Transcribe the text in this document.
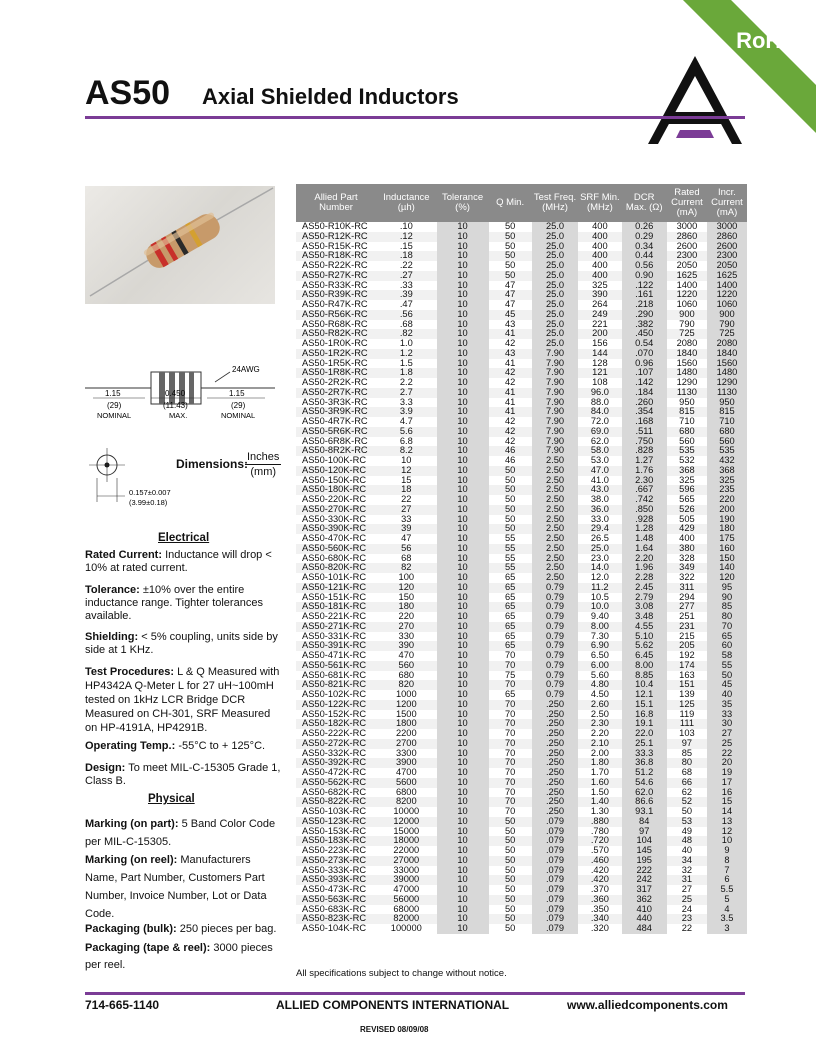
RoHS
AS50 Axial Shielded Inductors
24AWG
1.15
(29)
NOMINAL
0.450
(11.43)
MAX.
1.15
(29)
NOMINAL
0.157±0.007
(3.99±0.18)
Dimensions:
Inches
(mm)
Electrical
Rated Current: Inductance will drop < 10% at rated current.
Tolerance: ±10% over the entire inductance range. Tighter tolerances available.
Shielding: < 5% coupling, units side by side at 1 KHz.
Test Procedures: L & Q Measured with HP4342A Q-Meter L for 27 uH~100mH tested on 1kHz LCR Bridge DCR Measured on CH-301, SRF Measured on HP-4191A, HP4291B.
Operating Temp.: -55°C to + 125°C.
Design: To meet MIL-C-15305 Grade 1, Class B.
Physical
Marking (on part): 5 Band Color Code per MIL-C-15305.
Marking (on reel): Manufacturers Name, Part Number, Customers Part Number, Invoice Number, Lot or Data Code.
Packaging (bulk): 250 pieces per bag.
Packaging (tape & reel): 3000 pieces per reel.
Allied Part Number	Inductance (µh)	Tolerance (%)	Q Min.	Test Freq. (MHz)	SRF Min. (MHz)	DCR Max. (Ω)	Rated Current (mA)	Incr. Current (mA)
AS50-R10K-RC	.10	10	50	25.0	400	0.26	3000	3000
AS50-R12K-RC	.12	10	50	25.0	400	0.29	2860	2860
AS50-R15K-RC	.15	10	50	25.0	400	0.34	2600	2600
AS50-R18K-RC	.18	10	50	25.0	400	0.44	2300	2300
AS50-R22K-RC	.22	10	50	25.0	400	0.56	2050	2050
AS50-R27K-RC	.27	10	50	25.0	400	0.90	1625	1625
AS50-R33K-RC	.33	10	47	25.0	325	.122	1400	1400
AS50-R39K-RC	.39	10	47	25.0	390	.161	1220	1220
AS50-R47K-RC	.47	10	47	25.0	264	.218	1060	1060
AS50-R56K-RC	.56	10	45	25.0	249	.290	900	900
AS50-R68K-RC	.68	10	43	25.0	221	.382	790	790
AS50-R82K-RC	.82	10	41	25.0	200	.450	725	725
AS50-1R0K-RC	1.0	10	42	25.0	156	0.54	2080	2080
AS50-1R2K-RC	1.2	10	43	7.90	144	.070	1840	1840
AS50-1R5K-RC	1.5	10	41	7.90	128	0.96	1560	1560
AS50-1R8K-RC	1.8	10	42	7.90	121	.107	1480	1480
AS50-2R2K-RC	2.2	10	42	7.90	108	.142	1290	1290
AS50-2R7K-RC	2.7	10	41	7.90	96.0	.184	1130	1130
AS50-3R3K-RC	3.3	10	41	7.90	88.0	.260	950	950
AS50-3R9K-RC	3.9	10	41	7.90	84.0	.354	815	815
AS50-4R7K-RC	4.7	10	42	7.90	72.0	.168	710	710
AS50-5R6K-RC	5.6	10	42	7.90	69.0	.511	680	680
AS50-6R8K-RC	6.8	10	42	7.90	62.0	.750	560	560
AS50-8R2K-RC	8.2	10	46	7.90	58.0	.828	535	535
AS50-100K-RC	10	10	46	2.50	53.0	1.27	532	432
AS50-120K-RC	12	10	50	2.50	47.0	1.76	368	368
AS50-150K-RC	15	10	50	2.50	41.0	2.30	325	325
AS50-180K-RC	18	10	50	2.50	43.0	.667	596	235
AS50-220K-RC	22	10	50	2.50	38.0	.742	565	220
AS50-270K-RC	27	10	50	2.50	36.0	.850	526	200
AS50-330K-RC	33	10	50	2.50	33.0	.928	505	190
AS50-390K-RC	39	10	50	2.50	29.4	1.28	429	180
AS50-470K-RC	47	10	55	2.50	26.5	1.48	400	175
AS50-560K-RC	56	10	55	2.50	25.0	1.64	380	160
AS50-680K-RC	68	10	55	2.50	23.0	2.20	328	150
AS50-820K-RC	82	10	55	2.50	14.0	1.96	349	140
AS50-101K-RC	100	10	65	2.50	12.0	2.28	322	120
AS50-121K-RC	120	10	65	0.79	11.2	2.45	311	95
AS50-151K-RC	150	10	65	0.79	10.5	2.79	294	90
AS50-181K-RC	180	10	65	0.79	10.0	3.08	277	85
AS50-221K-RC	220	10	65	0.79	9.40	3.48	251	80
AS50-271K-RC	270	10	65	0.79	8.00	4.55	231	70
AS50-331K-RC	330	10	65	0.79	7.30	5.10	215	65
AS50-391K-RC	390	10	65	0.79	6.90	5.62	205	60
AS50-471K-RC	470	10	70	0.79	6.50	6.45	192	58
AS50-561K-RC	560	10	70	0.79	6.00	8.00	174	55
AS50-681K-RC	680	10	75	0.79	5.60	8.85	163	50
AS50-821K-RC	820	10	70	0.79	4.80	10.4	151	45
AS50-102K-RC	1000	10	65	0.79	4.50	12.1	139	40
AS50-122K-RC	1200	10	70	.250	2.60	15.1	125	35
AS50-152K-RC	1500	10	70	.250	2.50	16.8	119	33
AS50-182K-RC	1800	10	70	.250	2.30	19.1	111	30
AS50-222K-RC	2200	10	70	.250	2.20	22.0	103	27
AS50-272K-RC	2700	10	70	.250	2.10	25.1	97	25
AS50-332K-RC	3300	10	70	.250	2.00	33.3	85	22
AS50-392K-RC	3900	10	70	.250	1.80	36.8	80	20
AS50-472K-RC	4700	10	70	.250	1.70	51.2	68	19
AS50-562K-RC	5600	10	70	.250	1.60	54.6	66	17
AS50-682K-RC	6800	10	70	.250	1.50	62.0	62	16
AS50-822K-RC	8200	10	70	.250	1.40	86.6	52	15
AS50-103K-RC	10000	10	70	.250	1.30	93.1	50	14
AS50-123K-RC	12000	10	50	.079	.880	84	53	13
AS50-153K-RC	15000	10	50	.079	.780	97	49	12
AS50-183K-RC	18000	10	50	.079	.720	104	48	10
AS50-223K-RC	22000	10	50	.079	.570	145	40	9
AS50-273K-RC	27000	10	50	.079	.460	195	34	8
AS50-333K-RC	33000	10	50	.079	.420	222	32	7
AS50-393K-RC	39000	10	50	.079	.420	242	31	6
AS50-473K-RC	47000	10	50	.079	.370	317	27	5.5
AS50-563K-RC	56000	10	50	.079	.360	362	25	5
AS50-683K-RC	68000	10	50	.079	.350	410	24	4
AS50-823K-RC	82000	10	50	.079	.340	440	23	3.5
AS50-104K-RC	100000	10	50	.079	.320	484	22	3
All specifications subject to change without notice.
714-665-1140	ALLIED COMPONENTS INTERNATIONAL	www.alliedcomponents.com
REVISED 08/09/08
